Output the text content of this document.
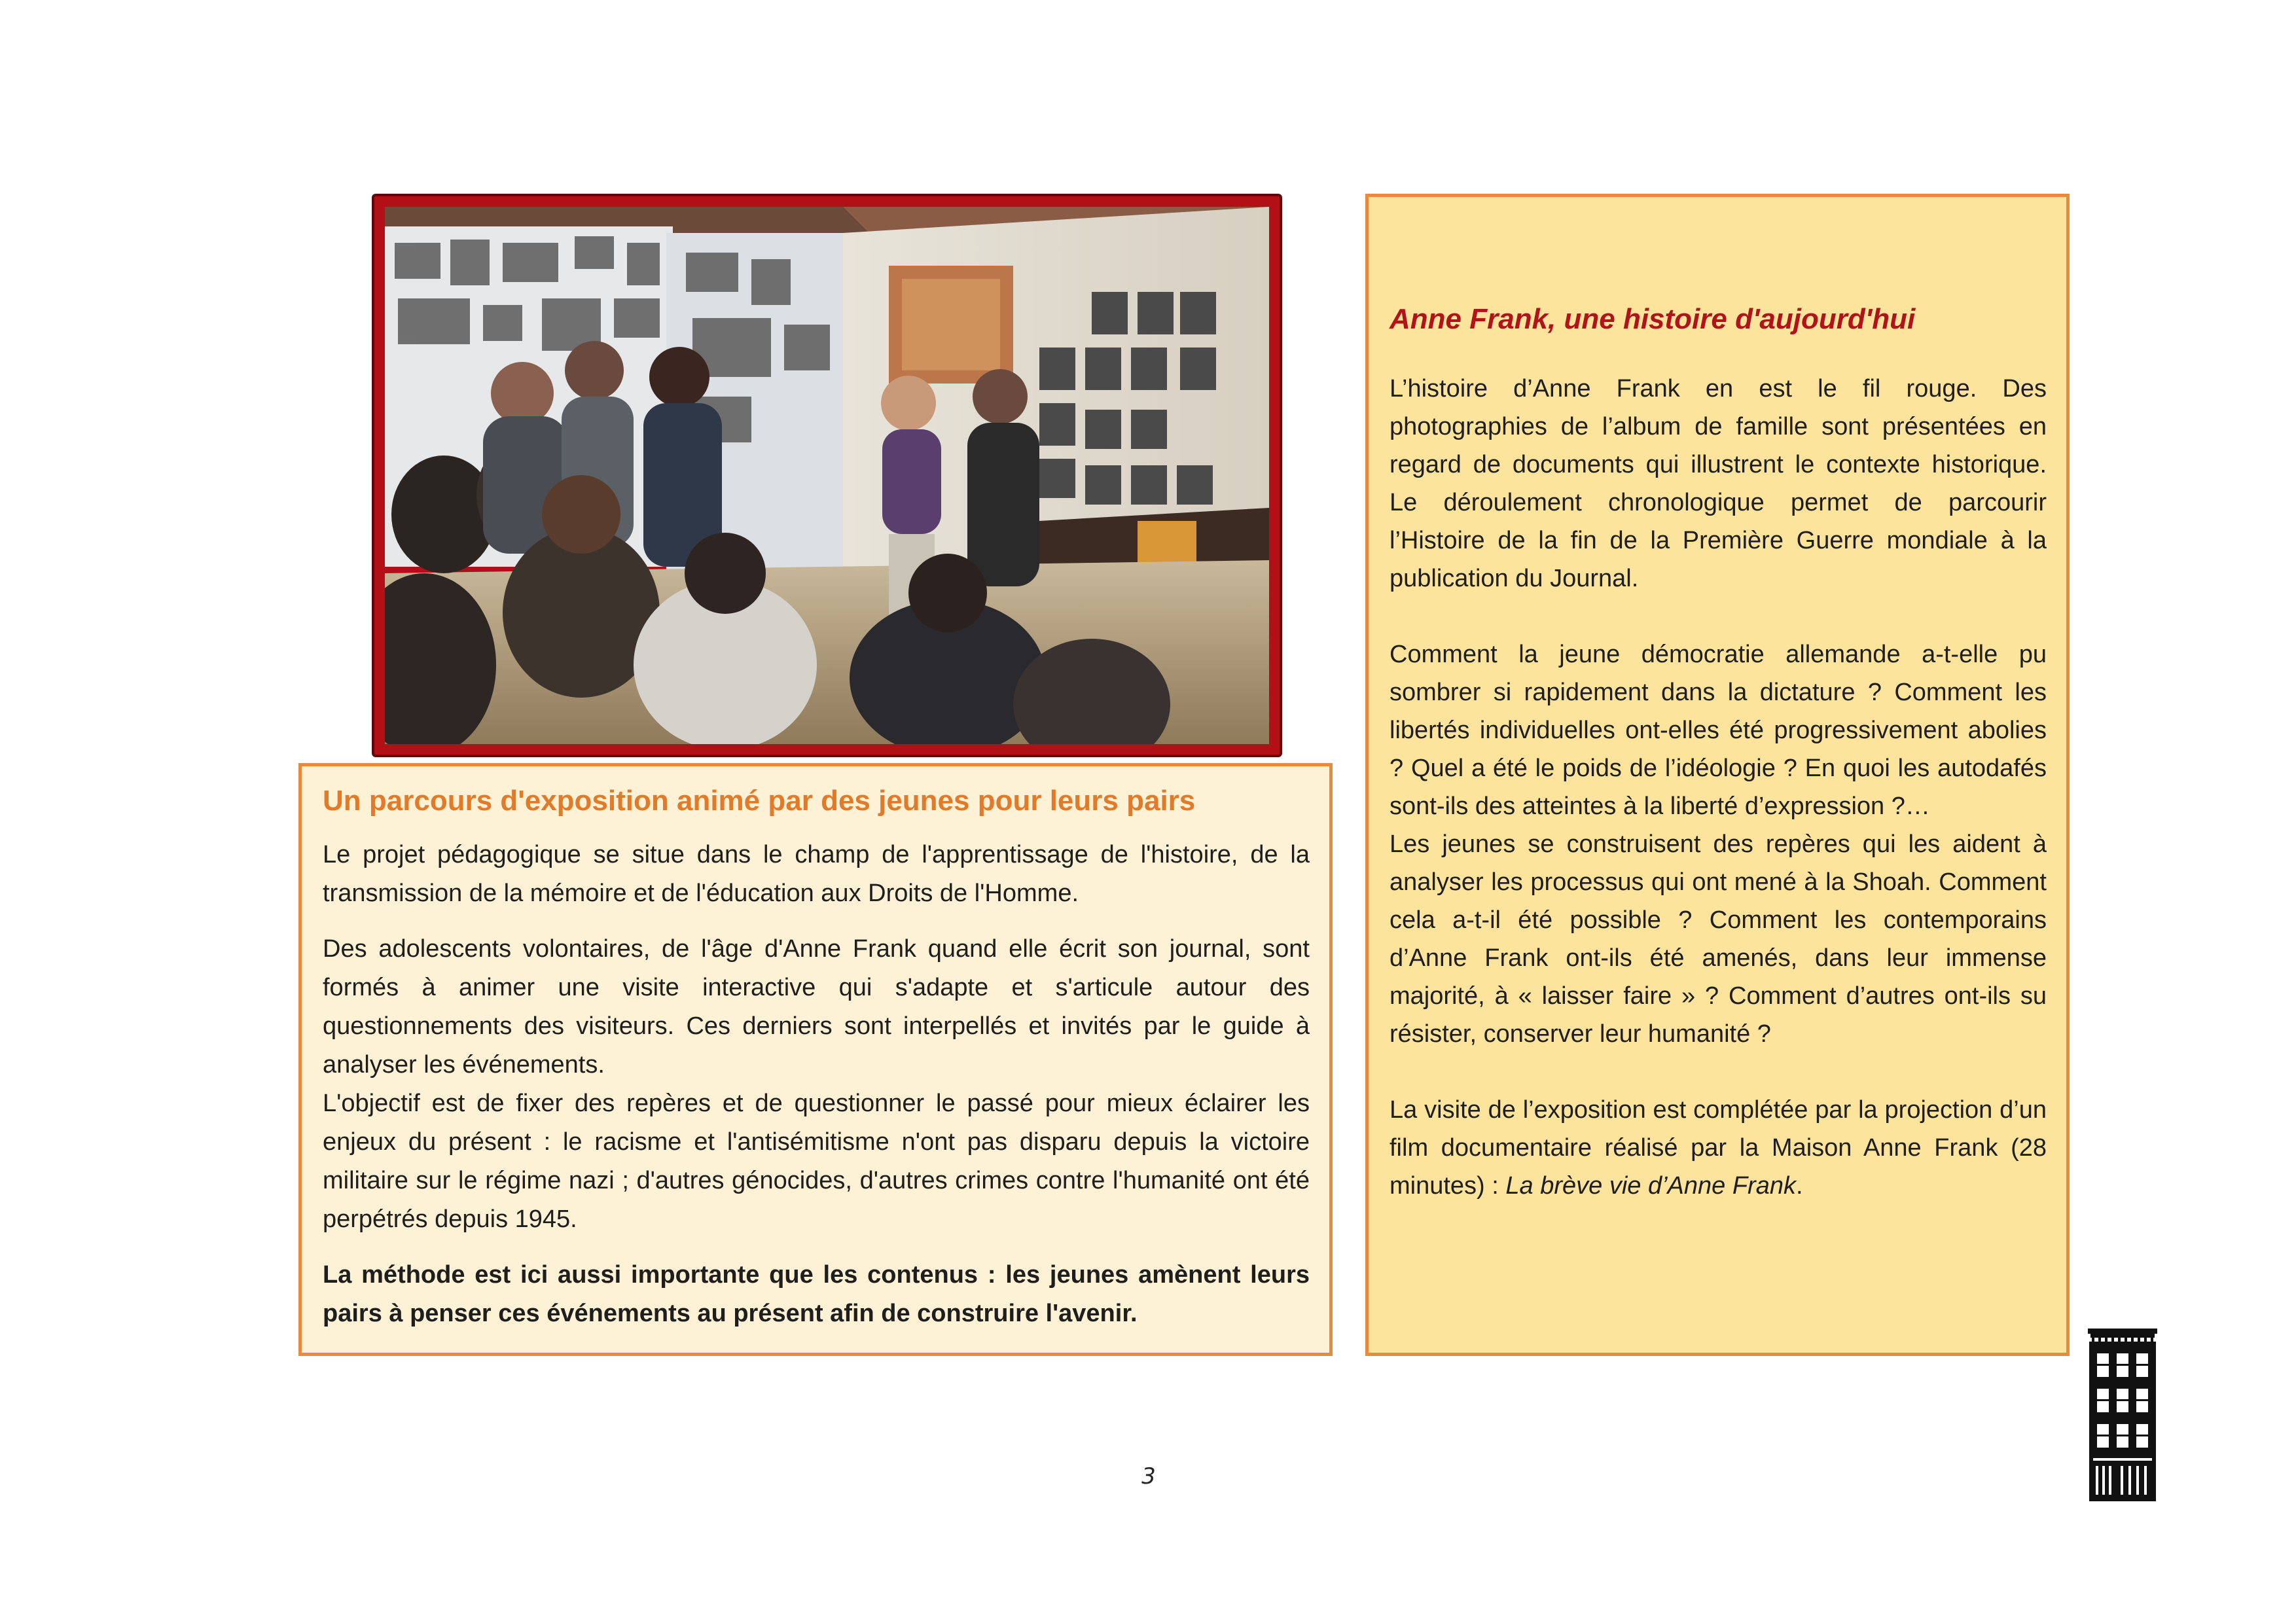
Un parcours d'exposition animé par des jeunes pour leurs pairs

Le projet pédagogique se situe dans le champ de l'apprentissage de l'histoire, de la transmission de la mémoire et de l'éducation aux Droits de l'Homme.

Des adolescents volontaires, de l'âge d'Anne Frank quand elle écrit son journal, sont formés à animer une visite interactive qui s'adapte et s'articule autour des questionnements des visiteurs. Ces derniers sont interpellés et invités par le guide à analyser les événements.

L'objectif est de fixer des repères et de questionner le passé pour mieux éclairer les enjeux du présent : le racisme et l'antisémitisme n'ont pas disparu depuis la victoire militaire sur le régime nazi ; d'autres génocides, d'autres crimes contre l'humanité ont été perpétrés depuis 1945.

La méthode est ici aussi importante que les contenus : les jeunes amènent leurs pairs à penser ces événements au présent afin de construire l'avenir.

Anne Frank, une histoire d'aujourd'hui

L’histoire d’Anne Frank en est le fil rouge. Des photographies de l’album de famille sont présentées en regard de documents qui illustrent le contexte historique. Le déroulement chronologique permet de parcourir l’Histoire de la fin de la Première Guerre mondiale à la publication du Journal.

Comment la jeune démocratie allemande a-t-elle pu sombrer si rapidement dans la dictature ? Comment les libertés individuelles ont-elles été progressivement abolies ? Quel a été le poids de l’idéologie ? En quoi les autodafés sont-ils des atteintes à la liberté d’expression ?…

Les jeunes se construisent des repères qui les aident à analyser les processus qui ont mené à la Shoah. Comment cela a-t-il été possible ? Comment les contemporains d’Anne Frank ont-ils été amenés, dans leur immense majorité, à « laisser faire » ? Comment d’autres ont-ils su résister, conserver leur humanité ?

La visite de l’exposition est complétée par la projection d’un film documentaire réalisé par la Maison Anne Frank (28 minutes) : La brève vie d’Anne Frank.

3
